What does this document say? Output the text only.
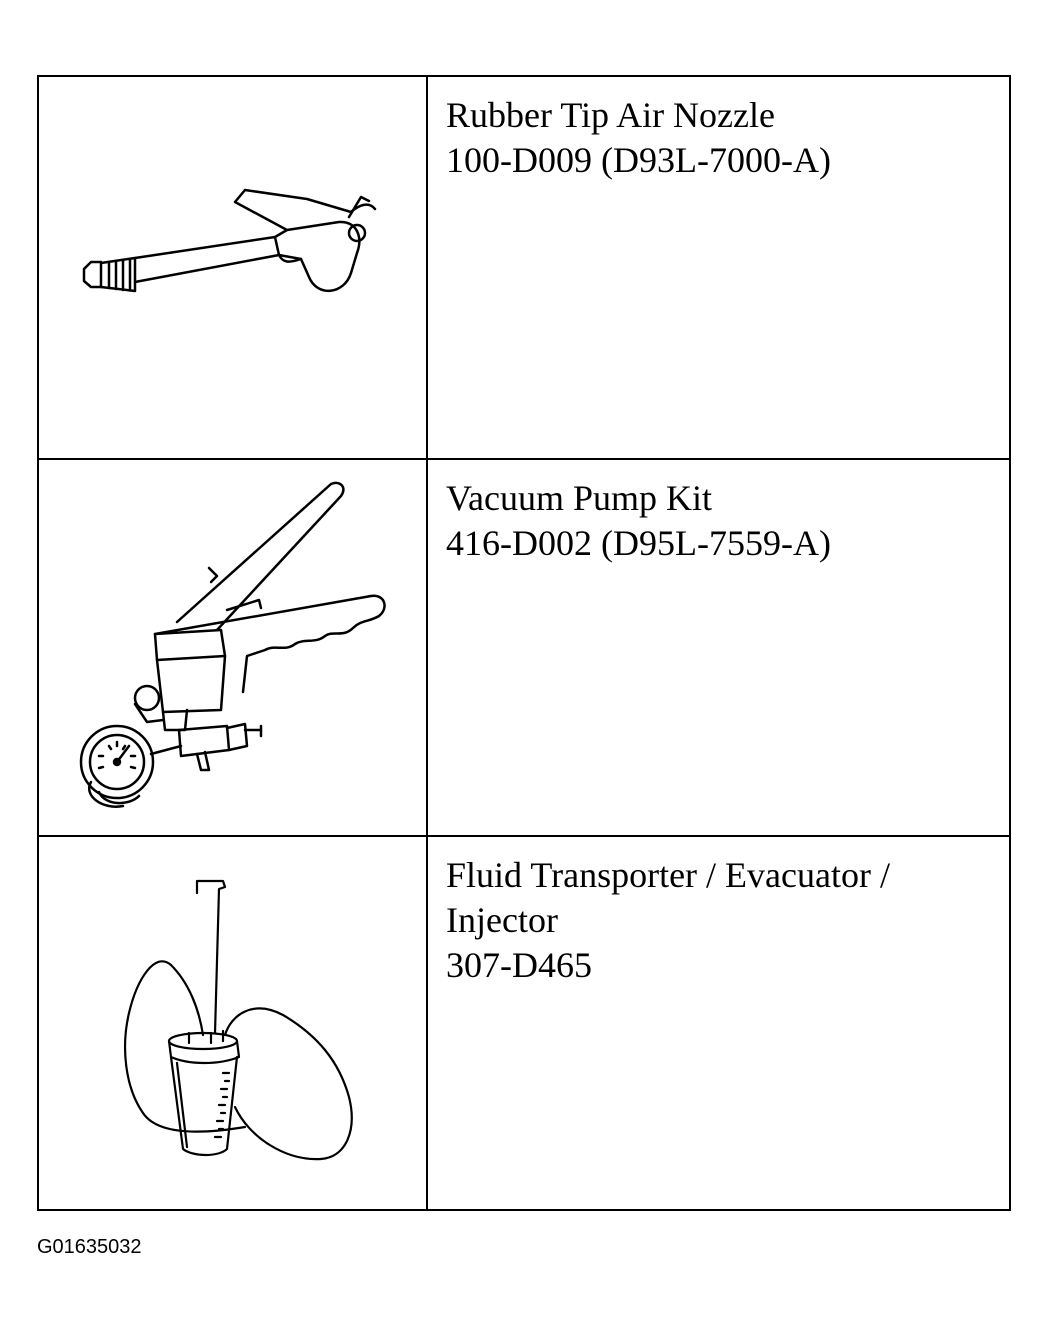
Rubber Tip Air Nozzle
100-D009 (D93L-7000-A)
Vacuum Pump Kit
416-D002 (D95L-7559-A)
Fluid Transporter / Evacuator /
Injector
307-D465
G01635032
